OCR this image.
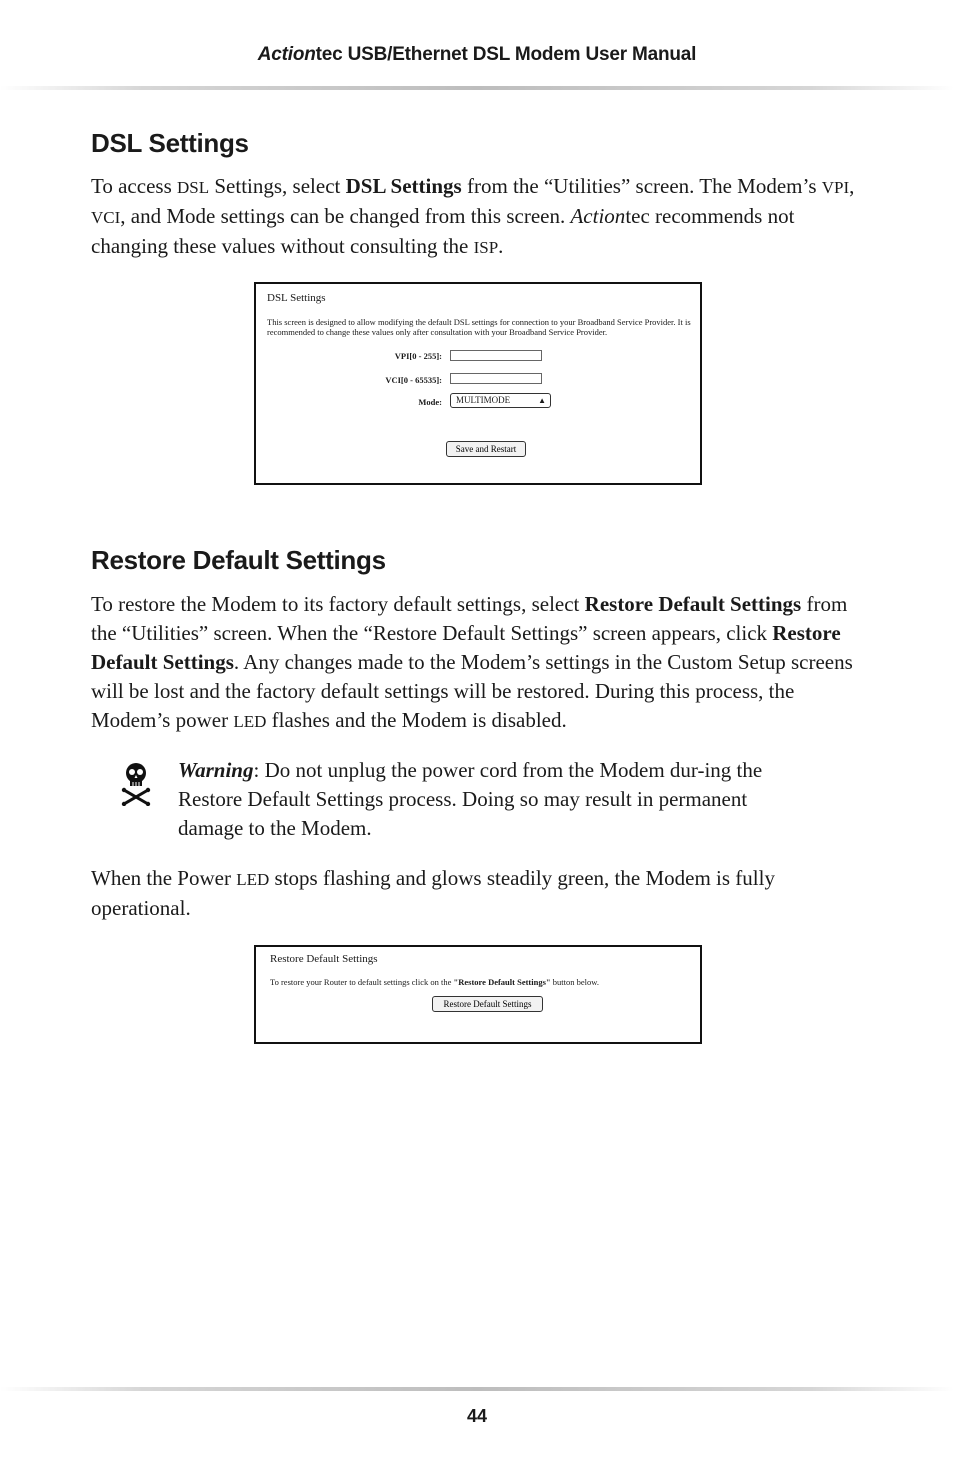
Actiontec USB/Ethernet DSL Modem User Manual
DSL Settings

To access DSL Settings, select DSL Settings from the “Utilities” screen. The Modem’s VPI, VCI, and Mode settings can be changed from this screen. Actiontec recommends not changing these values without consulting the ISP.

DSL Settings
This screen is designed to allow modifying the default DSL settings for connection to your Broadband Service Provider. It is
recommended to change these values only after consultation with your Broadband Service Provider.
VPI[0 - 255]:
VCI[0 - 65535]:
Mode:	MULTIMODE	▲︎
Save and Restart
Restore Default Settings

To restore the Modem to its factory default settings, select Restore Default Settings from the “Utilities” screen. When the “Restore Default Settings” screen appears, click Restore Default Settings. Any changes made to the Modem’s settings in the Custom Setup screens will be lost and the factory default settings will be restored. During this process, the Modem’s power LED flashes and the Modem is disabled.

Warning: Do not unplug the power cord from the Modem dur-ing the Restore Default Settings process. Doing so may result in permanent damage to the Modem.

When the Power LED stops flashing and glows steadily green, the Modem is fully operational.

Restore Default Settings
To restore your Router to default settings click on the "Restore Default Settings" button below.
Restore Default Settings
44
